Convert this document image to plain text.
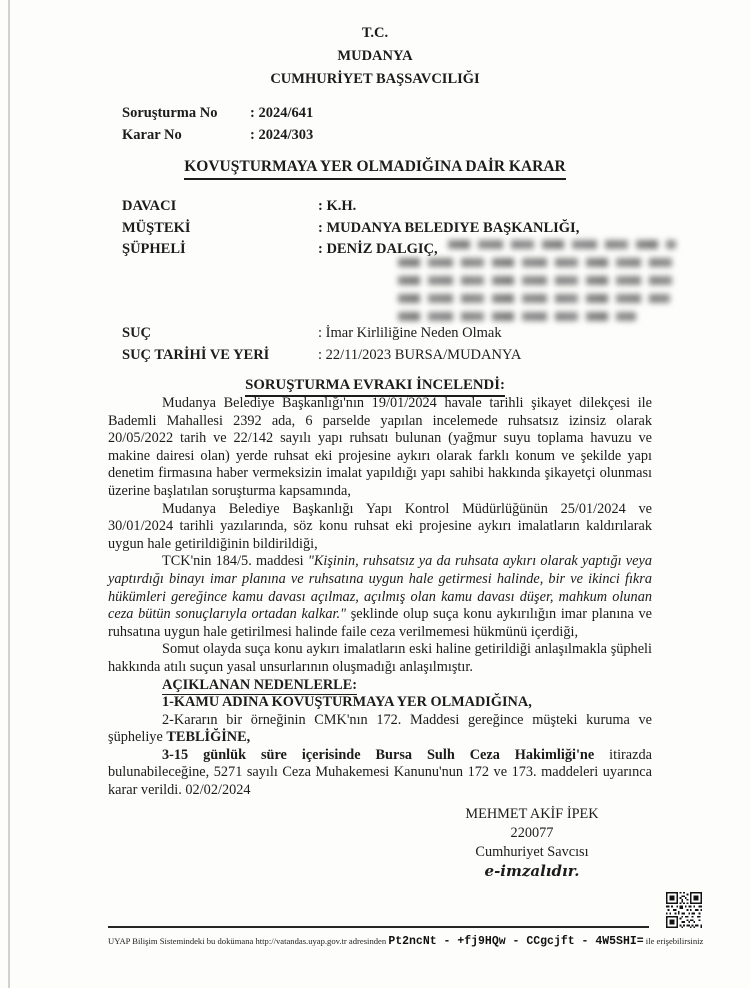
T.C.
MUDANYA
CUMHURİYET BAŞSAVCILIĞI
Soruşturma No	: 2024/641
Karar No	: 2024/303
KOVUŞTURMAYA YER OLMADIĞINA DAİR KARAR
DAVACI	: K.H.
MÜŞTEKİ	: MUDANYA BELEDIYE BAŞKANLIĞI,
ŞÜPHELİ	: DENİZ DALGIÇ,
SUÇ	: İmar Kirliliğine Neden Olmak
SUÇ TARİHİ VE YERİ	: 22/11/2023 BURSA/MUDANYA
SORUŞTURMA EVRAKI İNCELENDİ:

Mudanya Belediye Başkanlığı'nın 19/01/2024 havale tarihli şikayet dilekçesi ile Bademli Mahallesi 2392 ada, 6 parselde yapılan incelemede ruhsatsız izinsiz olarak 20/05/2022 tarih ve 22/142 sayılı yapı ruhsatı bulunan (yağmur suyu toplama havuzu ve makine dairesi olan) yerde ruhsat eki projesine aykırı olarak farklı konum ve şekilde yapı denetim firmasına haber vermeksizin imalat yapıldığı yapı sahibi hakkında şikayetçi olunması üzerine başlatılan soruşturma kapsamında,

Mudanya Belediye Başkanlığı Yapı Kontrol Müdürlüğünün 25/01/2024 ve 30/01/2024 tarihli yazılarında, söz konu ruhsat eki projesine aykırı imalatların kaldırılarak uygun hale getirildiğinin bildirildiği,

TCK'nin 184/5. maddesi "Kişinin, ruhsatsız ya da ruhsata aykırı olarak yaptığı veya yaptırdığı binayı imar planına ve ruhsatına uygun hale getirmesi halinde, bir ve ikinci fıkra hükümleri gereğince kamu davası açılmaz, açılmış olan kamu davası düşer, mahkum olunan ceza bütün sonuçlarıyla ortadan kalkar." şeklinde olup suça konu aykırılığın imar planına ve ruhsatına uygun hale getirilmesi halinde faile ceza verilmemesi hükmünü içerdiği,

Somut olayda suça konu aykırı imalatların eski haline getirildiği anlaşılmakla şüpheli hakkında atılı suçun yasal unsurlarının oluşmadığı anlaşılmıştır.

AÇIKLANAN NEDENLERLE:

1-KAMU ADINA KOVUŞTURMAYA YER OLMADIĞINA,

2-Kararın bir örneğinin CMK'nın 172. Maddesi gereğince müşteki kuruma ve şüpheliye TEBLİĞİNE,

3-15 günlük süre içerisinde Bursa Sulh Ceza Hakimliği'ne itirazda bulunabileceğine, 5271 sayılı Ceza Muhakemesi Kanunu'nun 172 ve 173. maddeleri uyarınca karar verildi. 02/02/2024

MEHMET AKİF İPEK
220077
Cumhuriyet Savcısı
e-imzalıdır.
UYAP Bilişim Sistemindeki bu dokümana http://vatandas.uyap.gov.tr adresinden Pt2ncNt - +fj9HQw - CCgcjft - 4W5SHI= ile erişebilirsiniz
